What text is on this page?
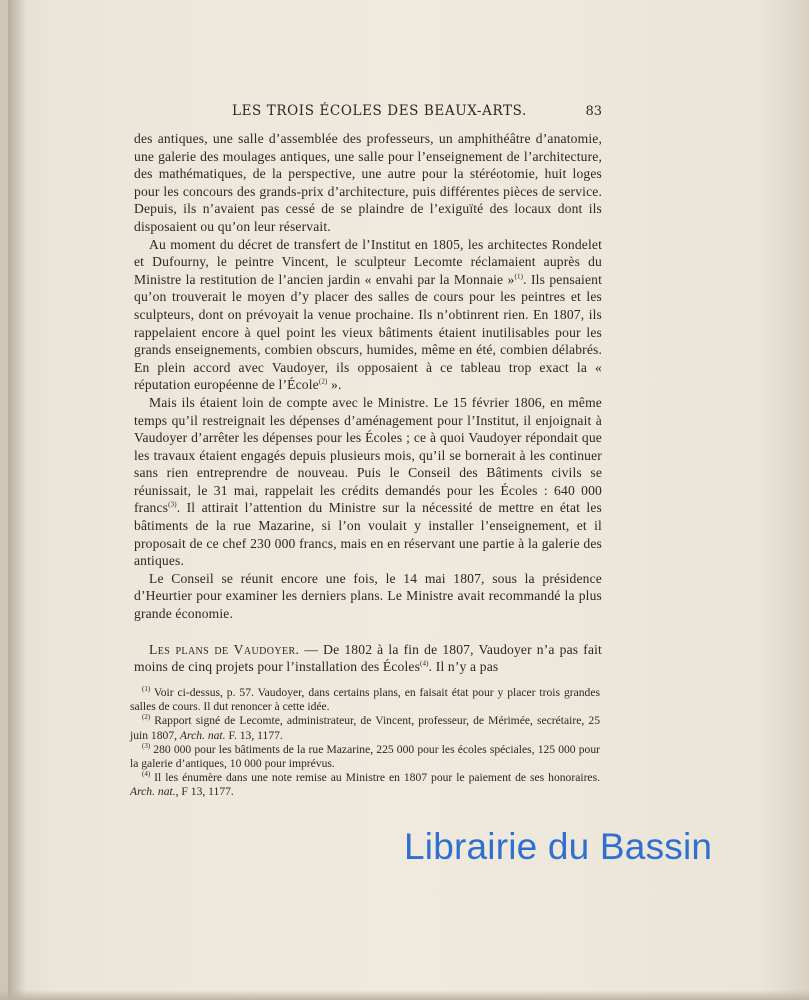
LES TROIS ÉCOLES DES BEAUX-ARTS.	83

des antiques, une salle d’assemblée des professeurs, un amphithéâtre d’anatomie, une galerie des moulages antiques, une salle pour l’enseignement de l’architecture, des mathématiques, de la perspective, une autre pour la stéréotomie, huit loges pour les concours des grands-prix d’architecture, puis différentes pièces de service. Depuis, ils n’avaient pas cessé de se plaindre de l’exiguïté des locaux dont ils disposaient ou qu’on leur réservait.

Au moment du décret de transfert de l’Institut en 1805, les architectes Rondelet et Dufourny, le peintre Vincent, le sculpteur Lecomte réclamaient auprès du Ministre la restitution de l’ancien jardin « envahi par la Monnaie »$^{(1)}$. Ils pensaient qu’on trouverait le moyen d’y placer des salles de cours pour les peintres et les sculpteurs, dont on prévoyait la venue prochaine. Ils n’obtinrent rien. En 1807, ils rappelaient encore à quel point les vieux bâtiments étaient inutilisables pour les grands enseignements, combien obscurs, humides, même en été, combien délabrés. En plein accord avec Vaudoyer, ils opposaient à ce tableau trop exact la « réputation européenne de l’École$^{(2)}$ ».

Mais ils étaient loin de compte avec le Ministre. Le 15 février 1806, en même temps qu’il restreignait les dépenses d’aménagement pour l’Institut, il enjoignait à Vaudoyer d’arrêter les dépenses pour les Écoles ; ce à quoi Vaudoyer répondait que les travaux étaient engagés depuis plusieurs mois, qu’il se bornerait à les continuer sans rien entreprendre de nouveau. Puis le Conseil des Bâtiments civils se réunissait, le 31 mai, rappelait les crédits demandés pour les Écoles : 640 000 francs$^{(3)}$. Il attirait l’attention du Ministre sur la nécessité de mettre en état les bâtiments de la rue Mazarine, si l’on voulait y installer l’enseignement, et il proposait de ce chef 230 000 francs, mais en en réservant une partie à la galerie des antiques.

Le Conseil se réunit encore une fois, le 14 mai 1807, sous la présidence d’Heurtier pour examiner les derniers plans. Le Ministre avait recommandé la plus grande économie.

Les plans de Vaudoyer. — De 1802 à la fin de 1807, Vaudoyer n’a pas fait moins de cinq projets pour l’installation des Écoles$^{(4)}$. Il n’y a pas

$^{(1)}$ Voir ci-dessus, p. 57. Vaudoyer, dans certains plans, en faisait état pour y placer trois grandes salles de cours. Il dut renoncer à cette idée.

$^{(2)}$ Rapport signé de Lecomte, administrateur, de Vincent, professeur, de Mérimée, secrétaire, 25 juin 1807, Arch. nat. F. 13, 1177.

$^{(3)}$ 280 000 pour les bâtiments de la rue Mazarine, 225 000 pour les écoles spéciales, 125 000 pour la galerie d’antiques, 10 000 pour imprévus.

$^{(4)}$ Il les énumère dans une note remise au Ministre en 1807 pour le paiement de ses honoraires. Arch. nat., F 13, 1177.

Librairie du Bassin
